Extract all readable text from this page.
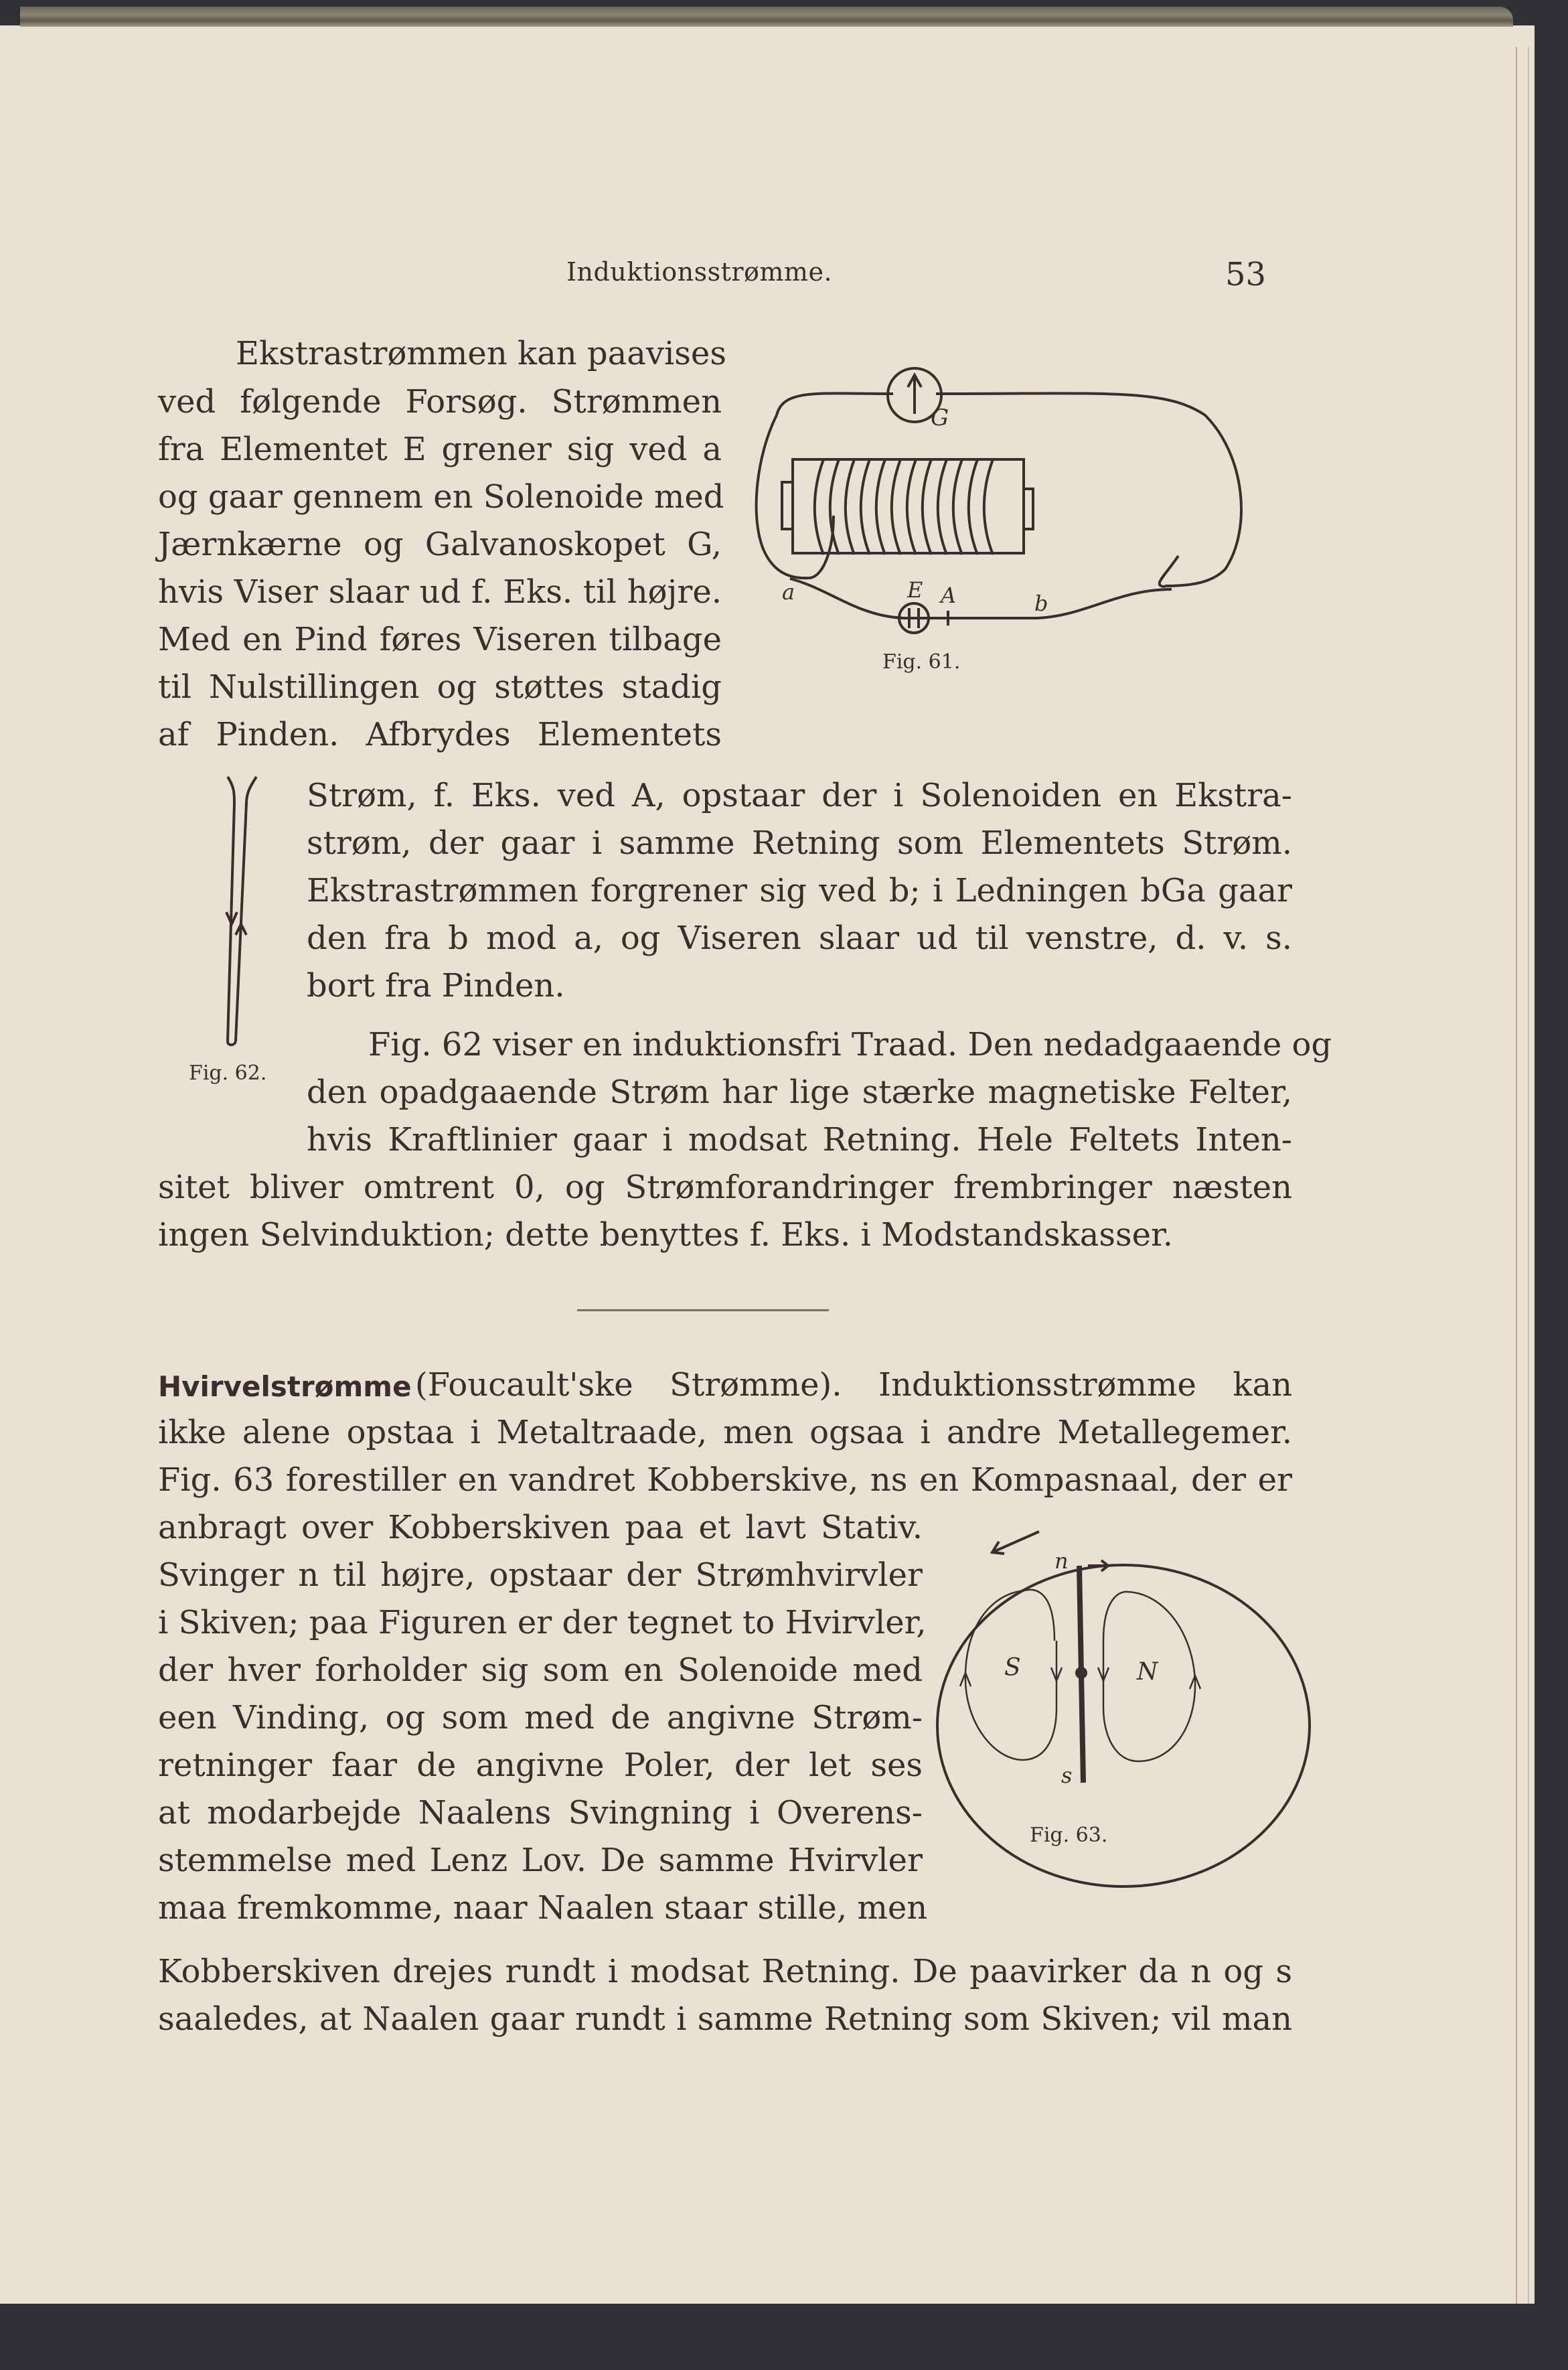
Induktionsstrømme.	53
Ekstrastrømmen kan paavises
ved følgende Forsøg. Strømmen
fra Elementet E grener sig ved a
og gaar gennem en Solenoide med
Jærnkærne og Galvanoskopet G,
hvis Viser slaar ud f. Eks. til højre.
Med en Pind føres Viseren tilbage
til Nulstillingen og støttes stadig
af Pinden. Afbrydes Elementets
Strøm, f. Eks. ved A, opstaar der i Solenoiden en Ekstra-
strøm, der gaar i samme Retning som Elementets Strøm.
Ekstrastrømmen forgrener sig ved b; i Ledningen bGa gaar
den fra b mod a, og Viseren slaar ud til venstre, d. v. s.
bort fra Pinden.
Fig. 62 viser en induktionsfri Traad. Den nedadgaaende og
den opadgaaende Strøm har lige stærke magnetiske Felter,
hvis Kraftlinier gaar i modsat Retning. Hele Feltets Inten-
sitet bliver omtrent 0, og Strømforandringer frembringer næsten
ingen Selvinduktion; dette benyttes f. Eks. i Modstandskasser.
Hvirvelstrømme (Foucault'ske Strømme). Induktionsstrømme kan
ikke alene opstaa i Metaltraade, men ogsaa i andre Metallegemer.
Fig. 63 forestiller en vandret Kobberskive, ns en Kompasnaal, der er
anbragt over Kobberskiven paa et lavt Stativ.
Svinger n til højre, opstaar der Strømhvirvler
i Skiven; paa Figuren er der tegnet to Hvirvler,
der hver forholder sig som en Solenoide med
een Vinding, og som med de angivne Strøm-
retninger faar de angivne Poler, der let ses
at modarbejde Naalens Svingning i Overens-
stemmelse med Lenz Lov. De samme Hvirvler
maa fremkomme, naar Naalen staar stille, men
Kobberskiven drejes rundt i modsat Retning. De paavirker da n og s
saaledes, at Naalen gaar rundt i samme Retning som Skiven; vil man
G
E A
a	b
Fig. 61.
Fig. 62.
n
s
S	N
Fig. 63.
